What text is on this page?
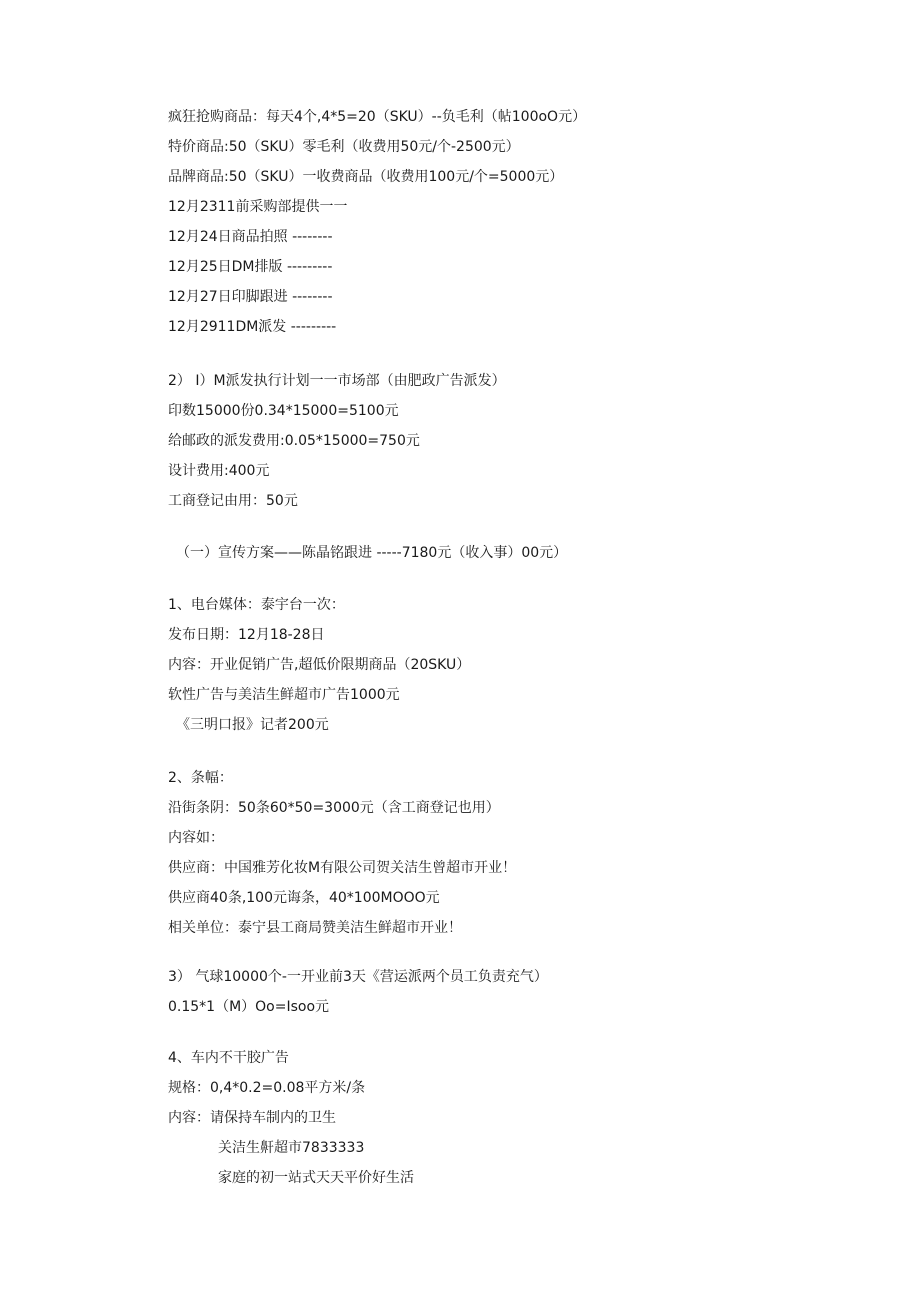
疯狂抢购商品：每天4个,4*5=20（SKU）--负毛利（帖100oO元）
特价商品:50（SKU）零毛利（收费用50元/个-2500元）
品牌商品:50（SKU）一收费商品（收费用100元/个=5000元）
12月2311前采购部提供一一
12月24日商品拍照 --------
12月25日DM排版 ---------
12月27日印脚跟进 --------
12月2911DM派发 ---------
2） I）M派发执行计划一一市场部（由肥政广告派发）
印数15000份0.34*15000=5100元
给邮政的派发费用:0.05*15000=750元
设计费用:400元
工商登记由用：50元
（一）宣传方案——陈晶铭跟进 -----7180元（收入事）00元）
1、电台媒体：泰宇台一次：
发布日期：12月18-28日
内容：开业促销广告,超低价限期商品（20SKU）
软性广告与美洁生鲜超市广告1000元
《三明口报》记者200元
2、条幅：
沿街条阴：50条60*50=3000元（含工商登记也用）
内容如：
供应商：中国雅芳化妆M有限公司贺关洁生曾超市开业！
供应商40条,100元诲条，40*100MOOO元
相关单位：泰宁县工商局赞美洁生鲜超市开业！
3） 气球10000个-一开业前3天《营运派两个员工负责充气）
0.15*1（M）Oo=Isoo元
4、车内不干胶广告
规格：0,4*0.2=0.08平方米/条
内容：请保持车制内的卫生
关洁生鼾超市7833333
家庭的初一站式天天平价好生活
